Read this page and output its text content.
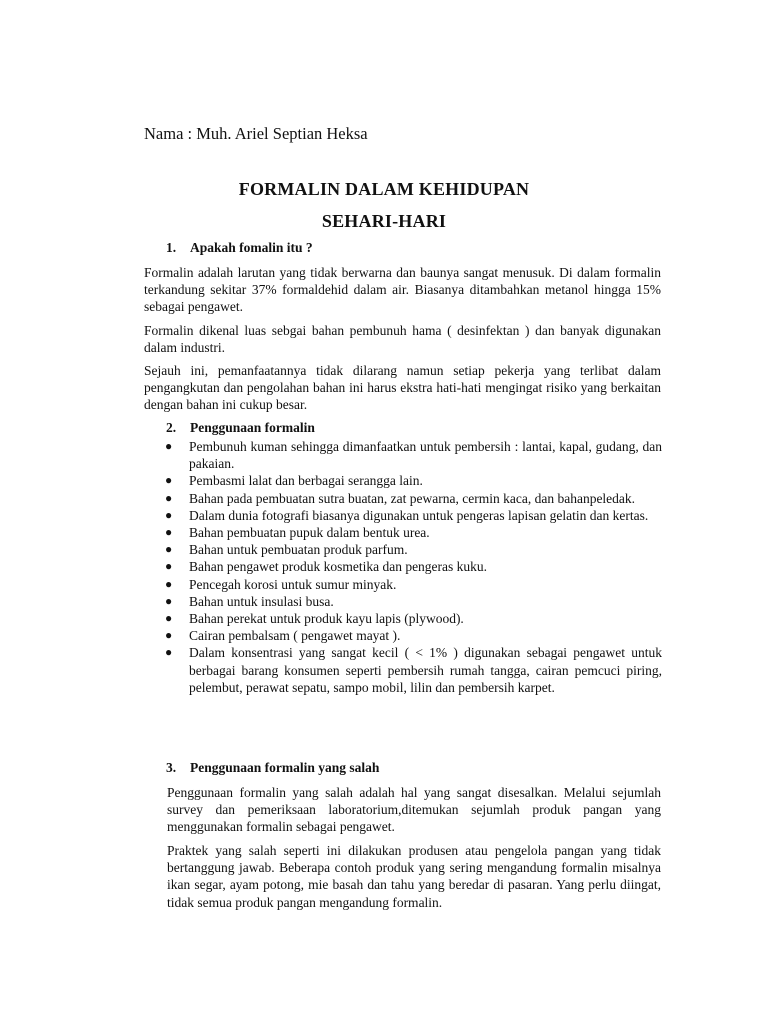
Nama : Muh. Ariel Septian Heksa
FORMALIN DALAM KEHIDUPAN
SEHARI-HARI
1. Apakah fomalin itu ?
Formalin adalah larutan yang tidak berwarna dan baunya sangat menusuk. Di dalam formalin terkandung sekitar 37% formaldehid dalam air. Biasanya ditambahkan metanol hingga 15% sebagai pengawet.
Formalin dikenal luas sebgai bahan pembunuh hama ( desinfektan ) dan banyak digunakan dalam industri.
Sejauh ini, pemanfaatannya tidak dilarang namun setiap pekerja yang terlibat dalam pengangkutan dan pengolahan bahan ini harus ekstra hati-hati mengingat risiko yang berkaitan dengan bahan ini cukup besar.
2. Penggunaan formalin
● Pembunuh kuman sehingga dimanfaatkan untuk pembersih : lantai, kapal, gudang, dan pakaian.
● Pembasmi lalat dan berbagai serangga lain.
● Bahan pada pembuatan sutra buatan, zat pewarna, cermin kaca, dan bahanpeledak.
● Dalam dunia fotografi biasanya digunakan untuk pengeras lapisan gelatin dan kertas.
● Bahan pembuatan pupuk dalam bentuk urea.
● Bahan untuk pembuatan produk parfum.
● Bahan pengawet produk kosmetika dan pengeras kuku.
● Pencegah korosi untuk sumur minyak.
● Bahan untuk insulasi busa.
● Bahan perekat untuk produk kayu lapis (plywood).
● Cairan pembalsam ( pengawet mayat ).
● Dalam konsentrasi yang sangat kecil ( < 1% ) digunakan sebagai pengawet untuk berbagai barang konsumen seperti pembersih rumah tangga, cairan pemcuci piring, pelembut, perawat sepatu, sampo mobil, lilin dan pembersih karpet.
3. Penggunaan formalin yang salah
Penggunaan formalin yang salah adalah hal yang sangat disesalkan. Melalui sejumlah survey dan pemeriksaan laboratorium,ditemukan sejumlah produk pangan yang menggunakan formalin sebagai pengawet.
Praktek yang salah seperti ini dilakukan produsen atau pengelola pangan yang tidak bertanggung jawab. Beberapa contoh produk yang sering mengandung formalin misalnya ikan segar, ayam potong, mie basah dan tahu yang beredar di pasaran. Yang perlu diingat, tidak semua produk pangan mengandung formalin.
